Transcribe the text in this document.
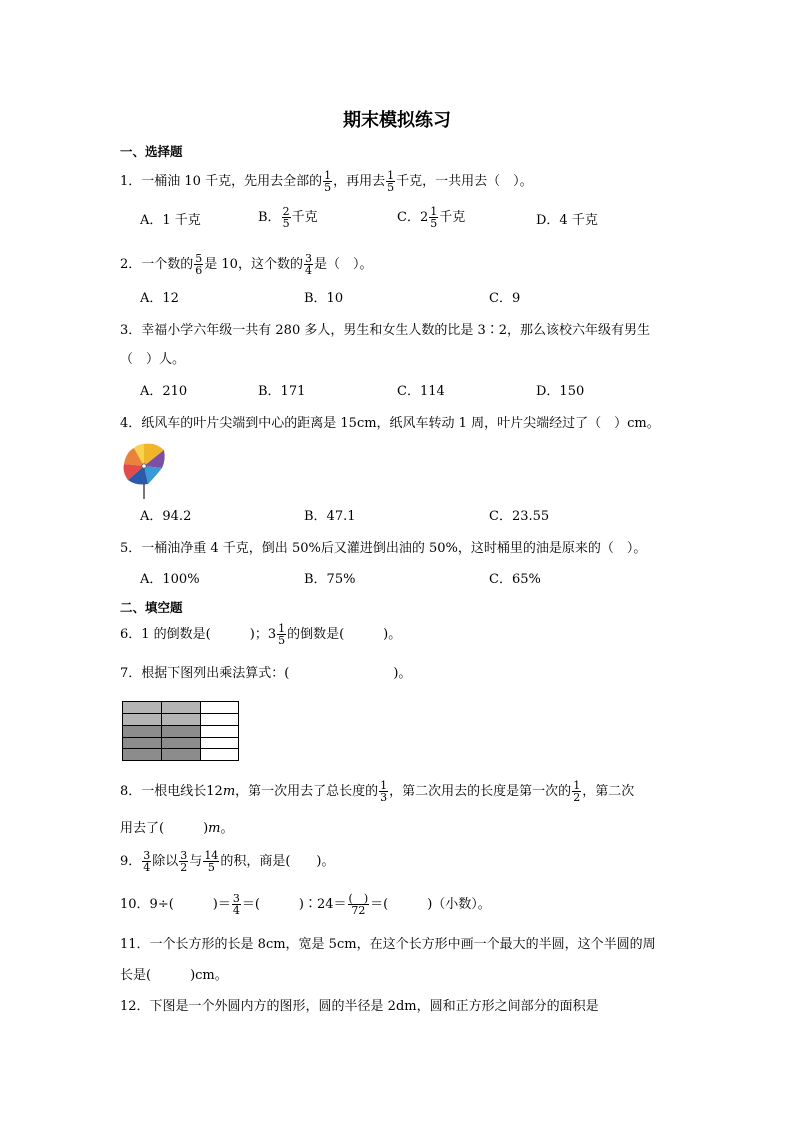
期末模拟练习
一、选择题
1．一桶油 10 千克，先用去全部的 $\frac{1}{5}$ ，再用去 $\frac{1}{5}$ 千克，一共用去（　）。
A．1 千克	B． $\frac{2}{5}$ 千克	C．$2 \frac{1}{5}$ 千克	D．4 千克
2．一个数的 $\frac{5}{6}$ 是 10，这个数的 $\frac{3}{4}$ 是（　）。
A．12	B．10	C．9
3．幸福小学六年级一共有 280 多人，男生和女生人数的比是 3∶2，那么该校六年级有男生
（　）人。
A．210	B．171	C．114	D．150
4．纸风车的叶片尖端到中心的距离是 15cm，纸风车转动 1 周，叶片尖端经过了（　）cm。
A．94.2	B．47.1	C．23.55
5．一桶油净重 4 千克，倒出 50%后又灌进倒出油的 50%，这时桶里的油是原来的（　）。
A．100%	B．75%	C．65%
二、填空题
6．1 的倒数是(　　　)；$3 \frac{1}{5}$ 的倒数是(　　　)。
7．根据下图列出乘法算式：(　　　　　　　　)。
8．一根电线长12m，第一次用去了总长度的 $\frac{1}{3}$ ，第二次用去的长度是第一次的 $\frac{1}{2}$ ，第二次
用去了(　　　)m。
9． $\frac{3}{4}$ 除以 $\frac{3}{2}$ 与 $\frac{14}{5}$ 的积，商是(　　)。
10．9÷(　　　)＝ $\frac{3}{4}$ ＝(　　　)∶24＝ $\frac{( )}{72}$ ＝(　　　)（小数）。
11．一个长方形的长是 8cm，宽是 5cm，在这个长方形中画一个最大的半圆，这个半圆的周
长是(　　　)cm。
12．下图是一个外圆内方的图形，圆的半径是 2dm，圆和正方形之间部分的面积是
